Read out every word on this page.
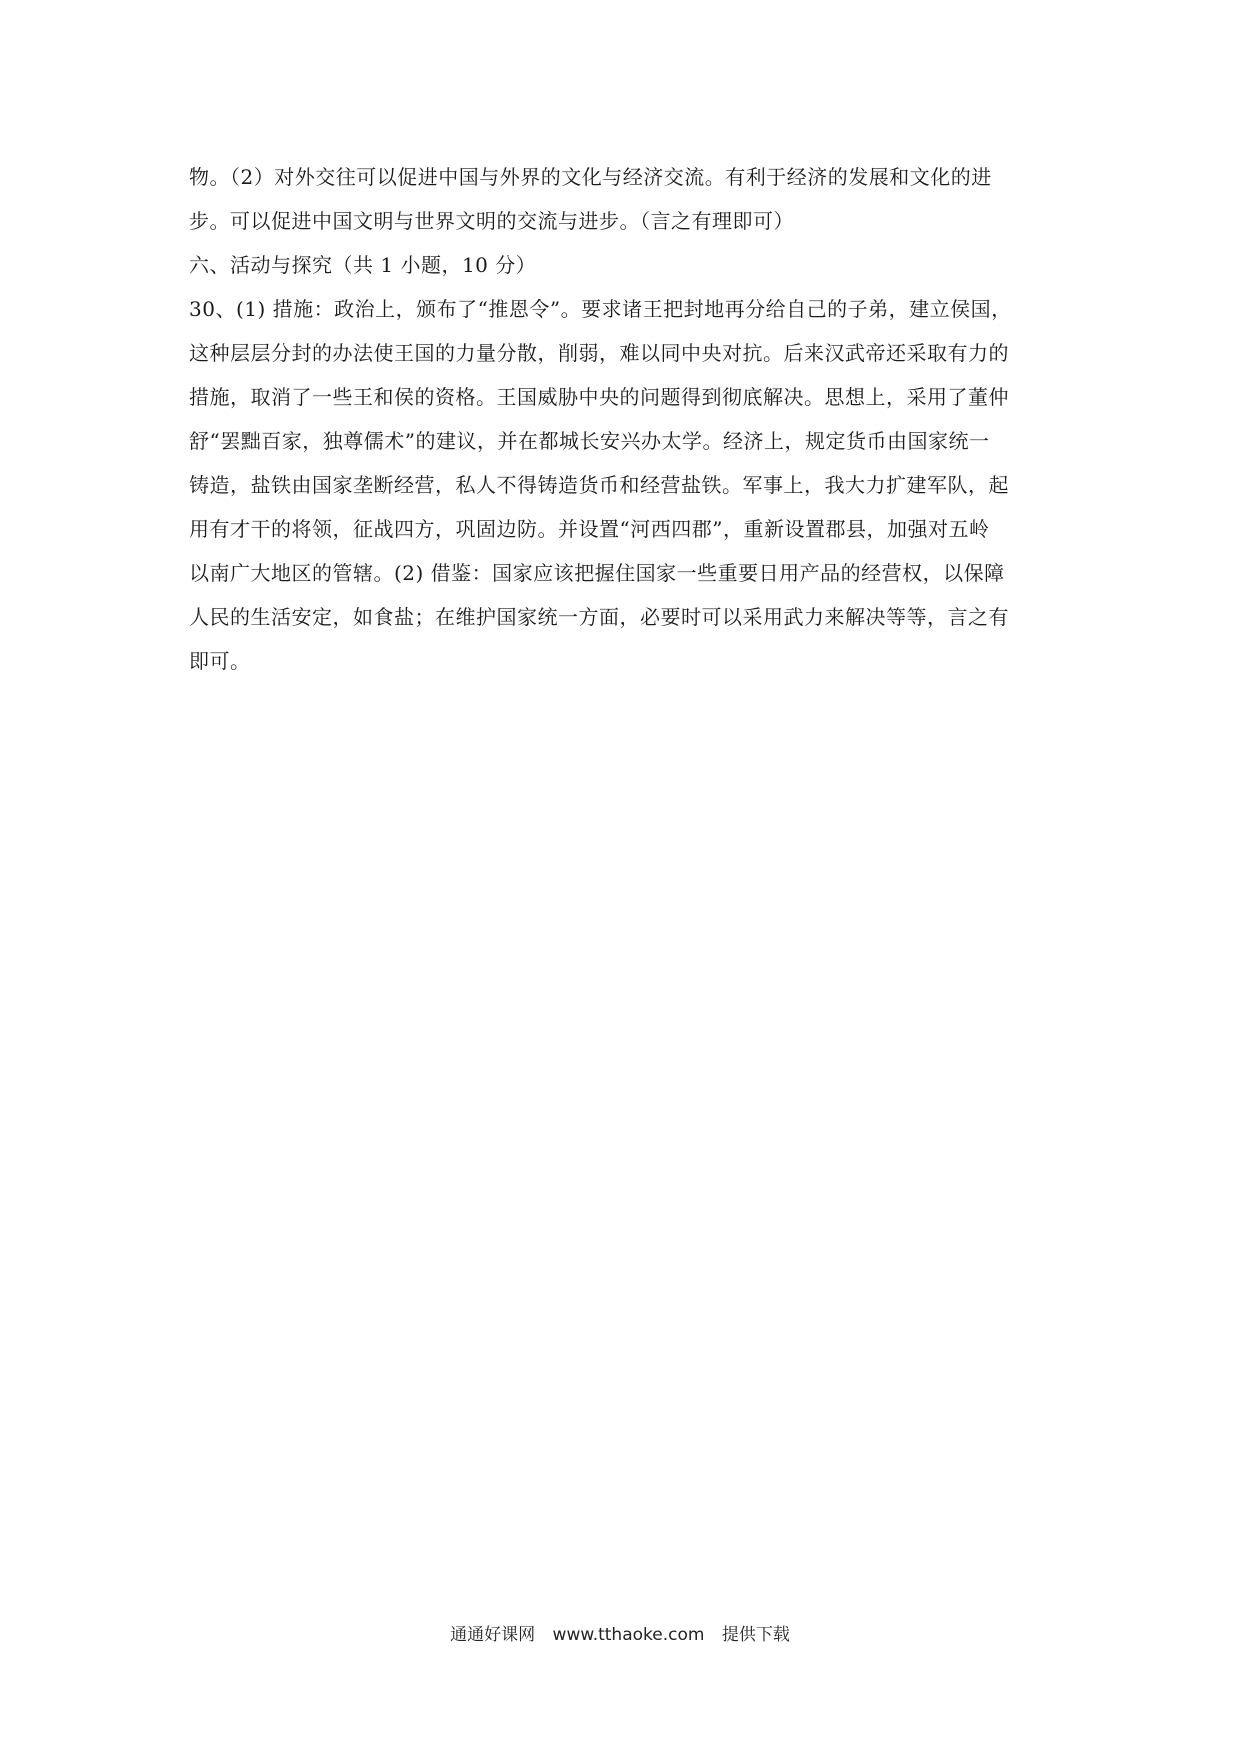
物。（2）对外交往可以促进中国与外界的文化与经济交流。有利于经济的发展和文化的进
步。可以促进中国文明与世界文明的交流与进步。（言之有理即可）
六、活动与探究（共 1 小题，10 分）
30、(1) 措施：政治上，颁布了“推恩令”。要求诸王把封地再分给自己的子弟，建立侯国，
这种层层分封的办法使王国的力量分散，削弱，难以同中央对抗。后来汉武帝还采取有力的
措施，取消了一些王和侯的资格。王国威胁中央的问题得到彻底解决。思想上，采用了董仲
舒“罢黜百家，独尊儒术”的建议，并在都城长安兴办太学。经济上，规定货币由国家统一
铸造，盐铁由国家垄断经营，私人不得铸造货币和经营盐铁。军事上，我大力扩建军队，起
用有才干的将领，征战四方，巩固边防。并设置“河西四郡”，重新设置郡县，加强对五岭
以南广大地区的管辖。(2) 借鉴：国家应该把握住国家一些重要日用产品的经营权，以保障
人民的生活安定，如食盐；在维护国家统一方面，必要时可以采用武力来解决等等，言之有
即可。
通通好课网 www.tthaoke.com 提供下载
